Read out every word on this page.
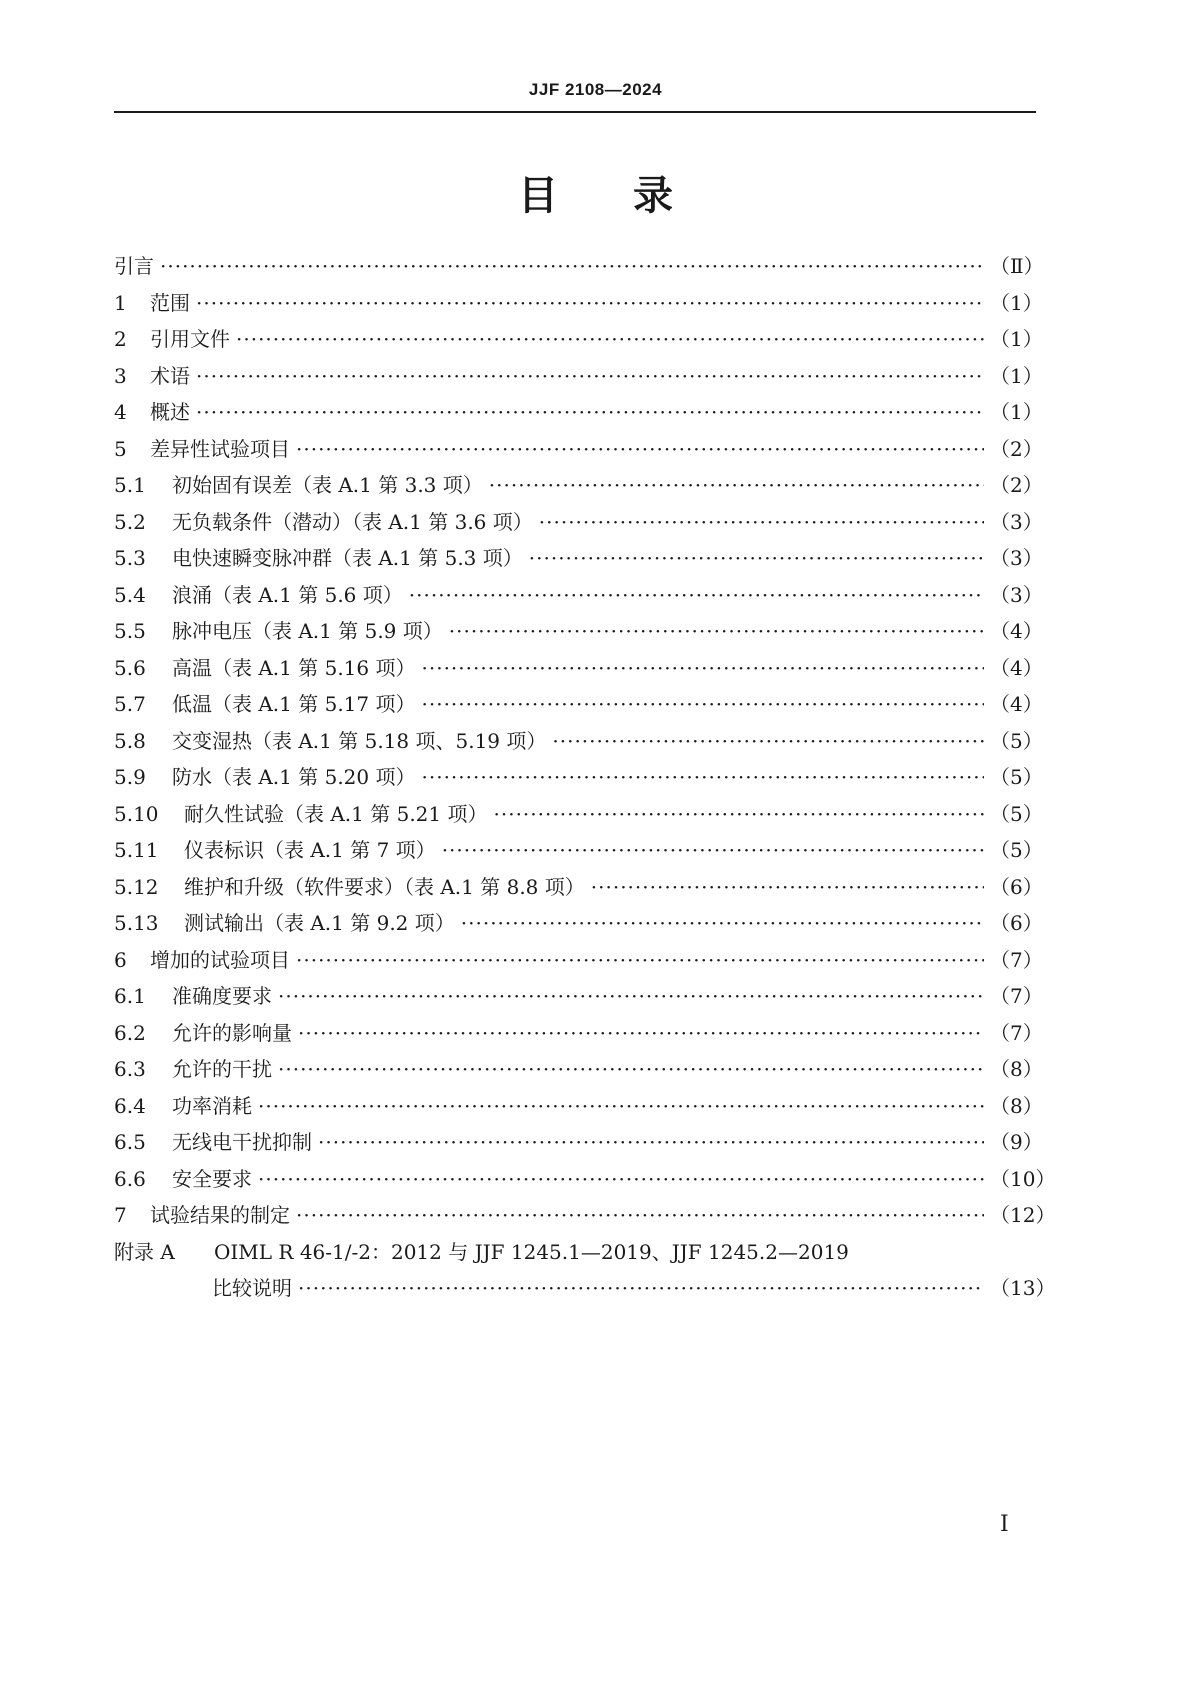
JJF 2108—2024
目录
引言 ·····	（Ⅱ）
1	范围 ·····	（1）
2	引用文件 ·····	（1）
3	术语 ·····	（1）
4	概述 ·····	（1）
5	差异性试验项目 ·····	（2）
5.1	初始固有误差（表 A.1 第 3.3 项） ·····	（2）
5.2	无负载条件（潜动）（表 A.1 第 3.6 项） ·····	（3）
5.3	电快速瞬变脉冲群（表 A.1 第 5.3 项） ·····	（3）
5.4	浪涌（表 A.1 第 5.6 项） ·····	（3）
5.5	脉冲电压（表 A.1 第 5.9 项） ·····	（4）
5.6	高温（表 A.1 第 5.16 项） ·····	（4）
5.7	低温（表 A.1 第 5.17 项） ·····	（4）
5.8	交变湿热（表 A.1 第 5.18 项、5.19 项） ·····	（5）
5.9	防水（表 A.1 第 5.20 项） ·····	（5）
5.10	耐久性试验（表 A.1 第 5.21 项） ·····	（5）
5.11	仪表标识（表 A.1 第 7 项） ·····	（5）
5.12	维护和升级（软件要求）（表 A.1 第 8.8 项） ·····	（6）
5.13	测试输出（表 A.1 第 9.2 项） ·····	（6）
6	增加的试验项目 ·····	（7）
6.1	准确度要求 ·····	（7）
6.2	允许的影响量 ·····	（7）
6.3	允许的干扰 ·····	（8）
6.4	功率消耗 ·····	（8）
6.5	无线电干扰抑制 ·····	（9）
6.6	安全要求 ·····	（10）
7	试验结果的制定 ·····	（12）
附录 A	OIML R 46-1/-2：2012 与 JJF 1245.1—2019、JJF 1245.2—2019
比较说明 ·····	（13）
Ⅰ
